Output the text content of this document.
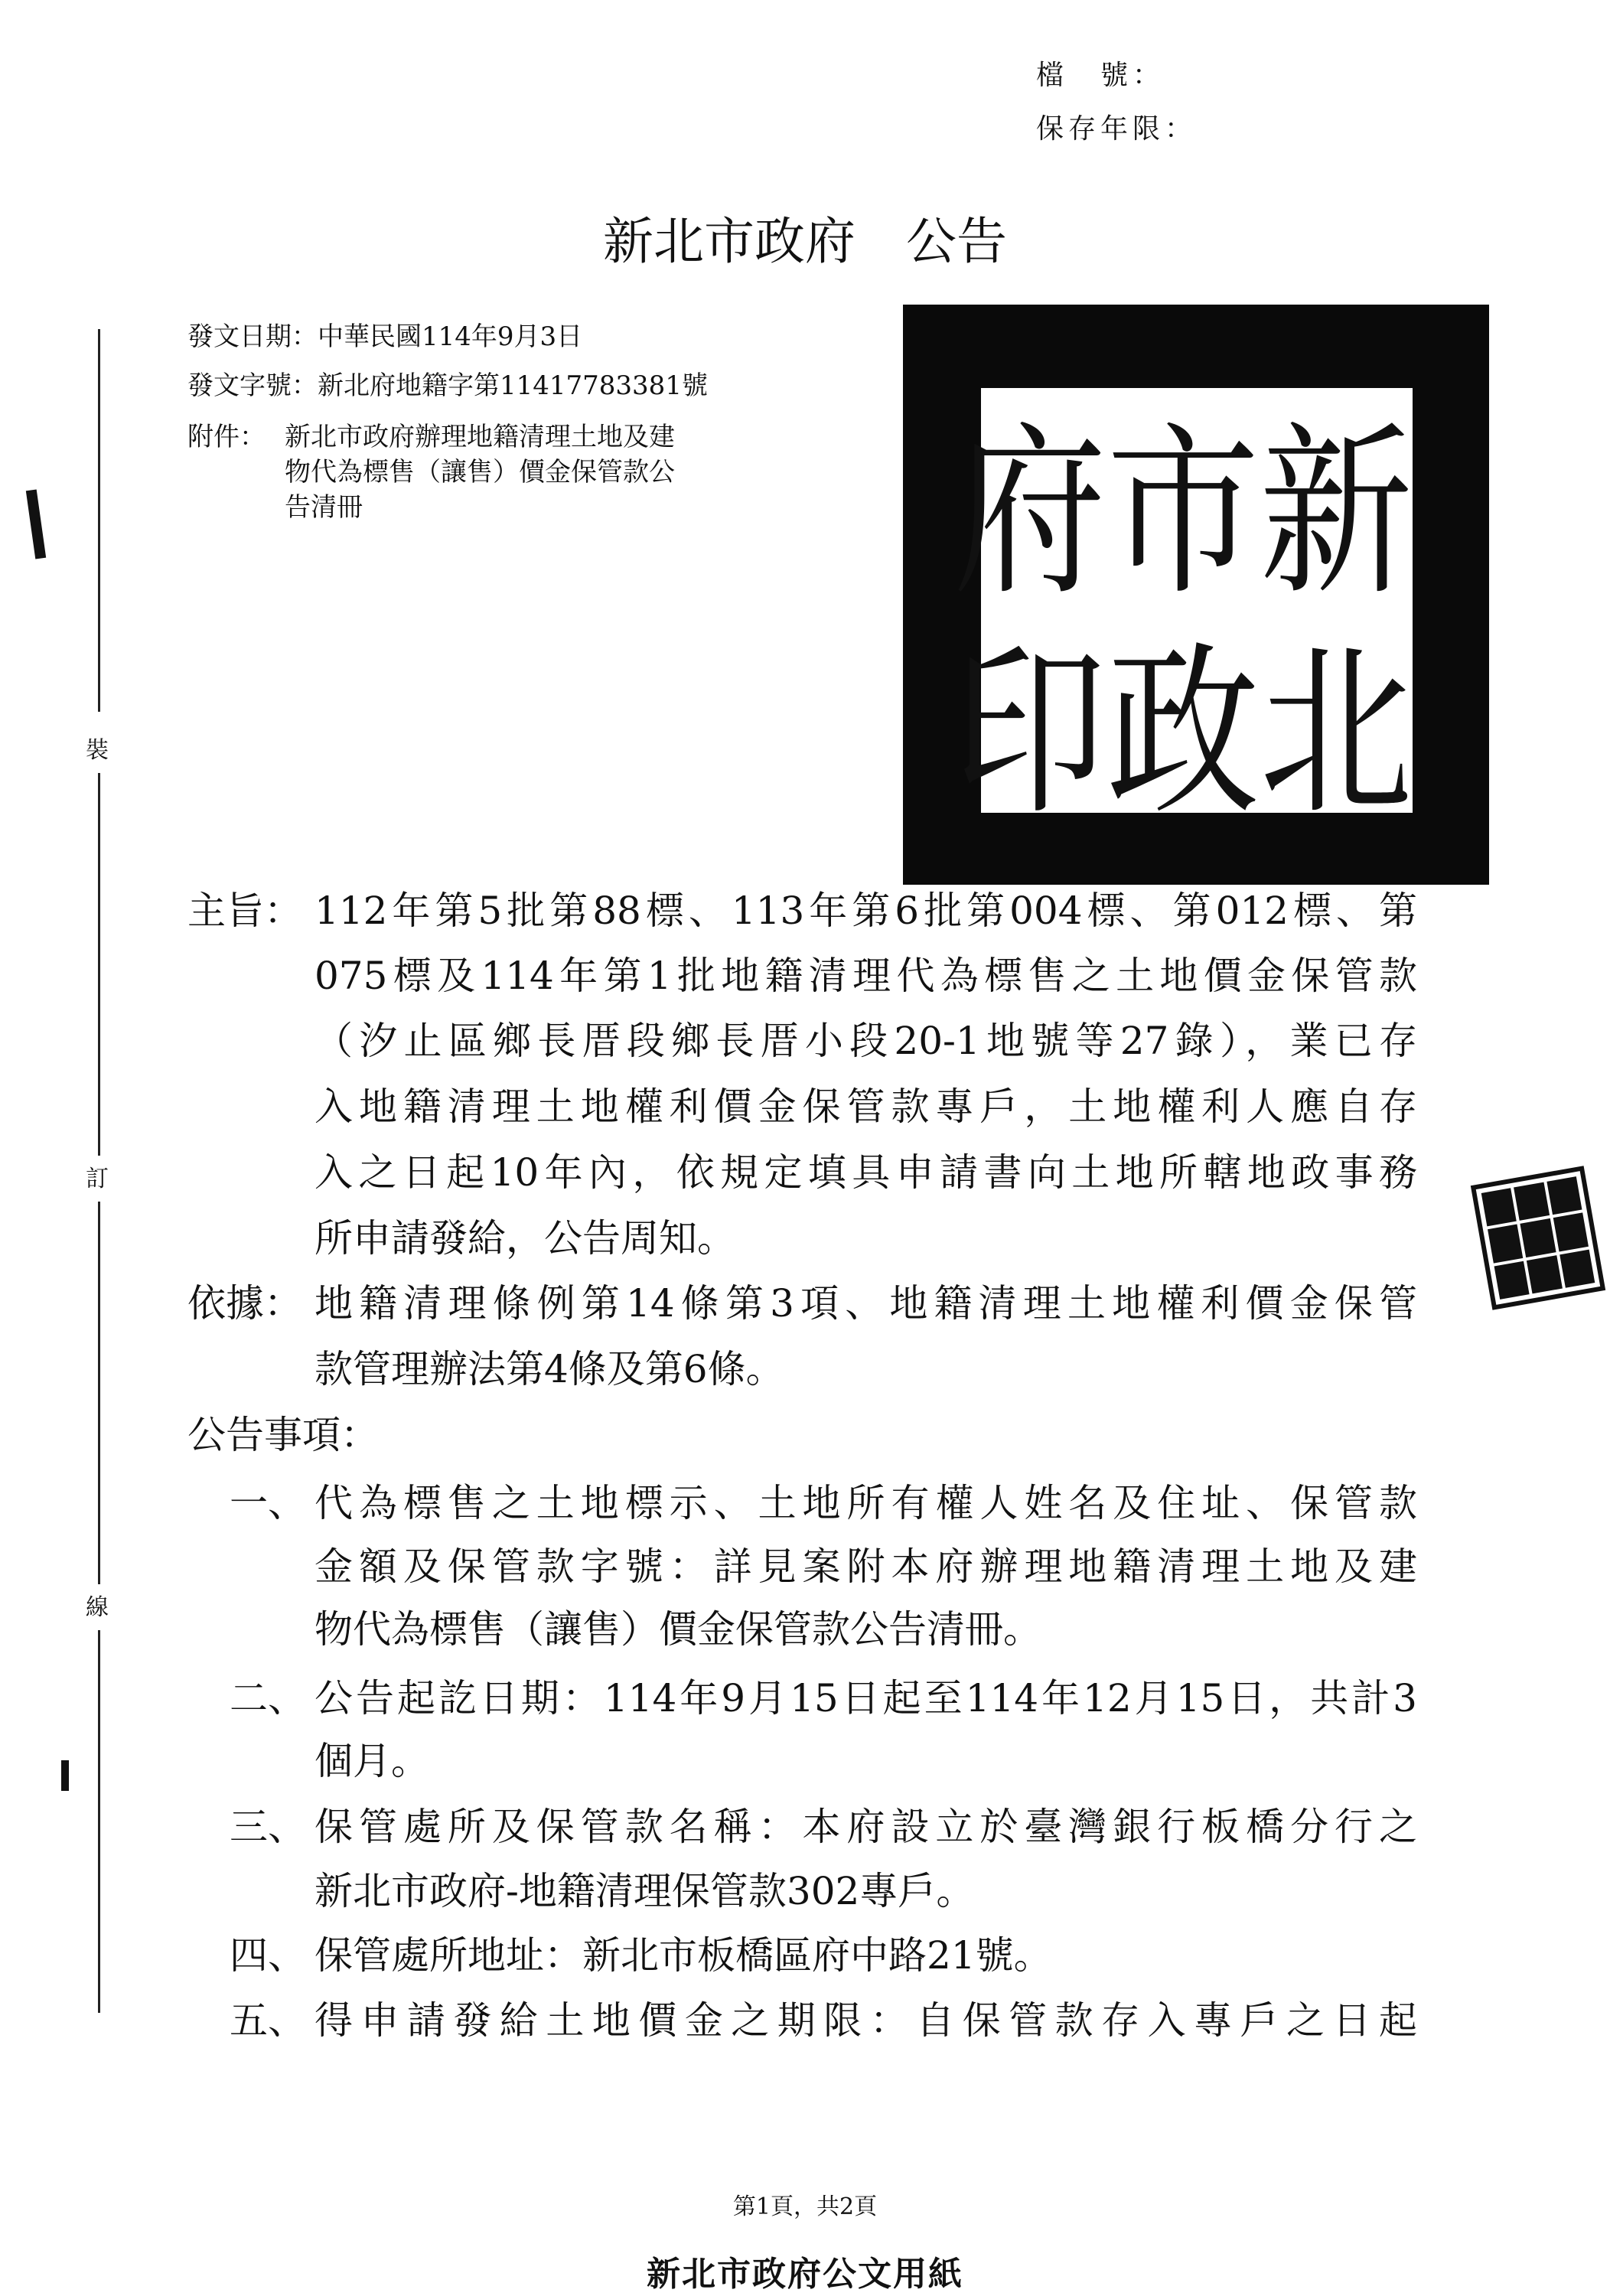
檔　號：
保存年限：
新北市政府　公告
發文日期：中華民國114年9月3日
發文字號：新北府地籍字第11417783381號
附件： 新北市政府辦理地籍清理土地及建
物代為標售（讓售）價金保管款公
告清冊	新
市
府
北
政
印
裝
訂
線
主旨： 112年第5批第88標、113年第6批第004標、第012標、第
075標及114年第1批地籍清理代為標售之土地價金保管款
（汐止區鄉長厝段鄉長厝小段20-1地號等27錄），業已存
入地籍清理土地權利價金保管款專戶，土地權利人應自存
入之日起10年內，依規定填具申請書向土地所轄地政事務
所申請發給，公告周知。
依據： 地籍清理條例第14條第3項、地籍清理土地權利價金保管
款管理辦法第4條及第6條。
公告事項：
一、 代為標售之土地標示、土地所有權人姓名及住址、保管款
金額及保管款字號：詳見案附本府辦理地籍清理土地及建
物代為標售（讓售）價金保管款公告清冊。
二、 公告起訖日期：114年9月15日起至114年12月15日，共計3
個月。
三、 保管處所及保管款名稱：本府設立於臺灣銀行板橋分行之
新北市政府-地籍清理保管款302專戶。
四、 保管處所地址：新北市板橋區府中路21號。
五、 得申請發給土地價金之期限：自保管款存入專戶之日起
第1頁，共2頁
新北市政府公文用紙
